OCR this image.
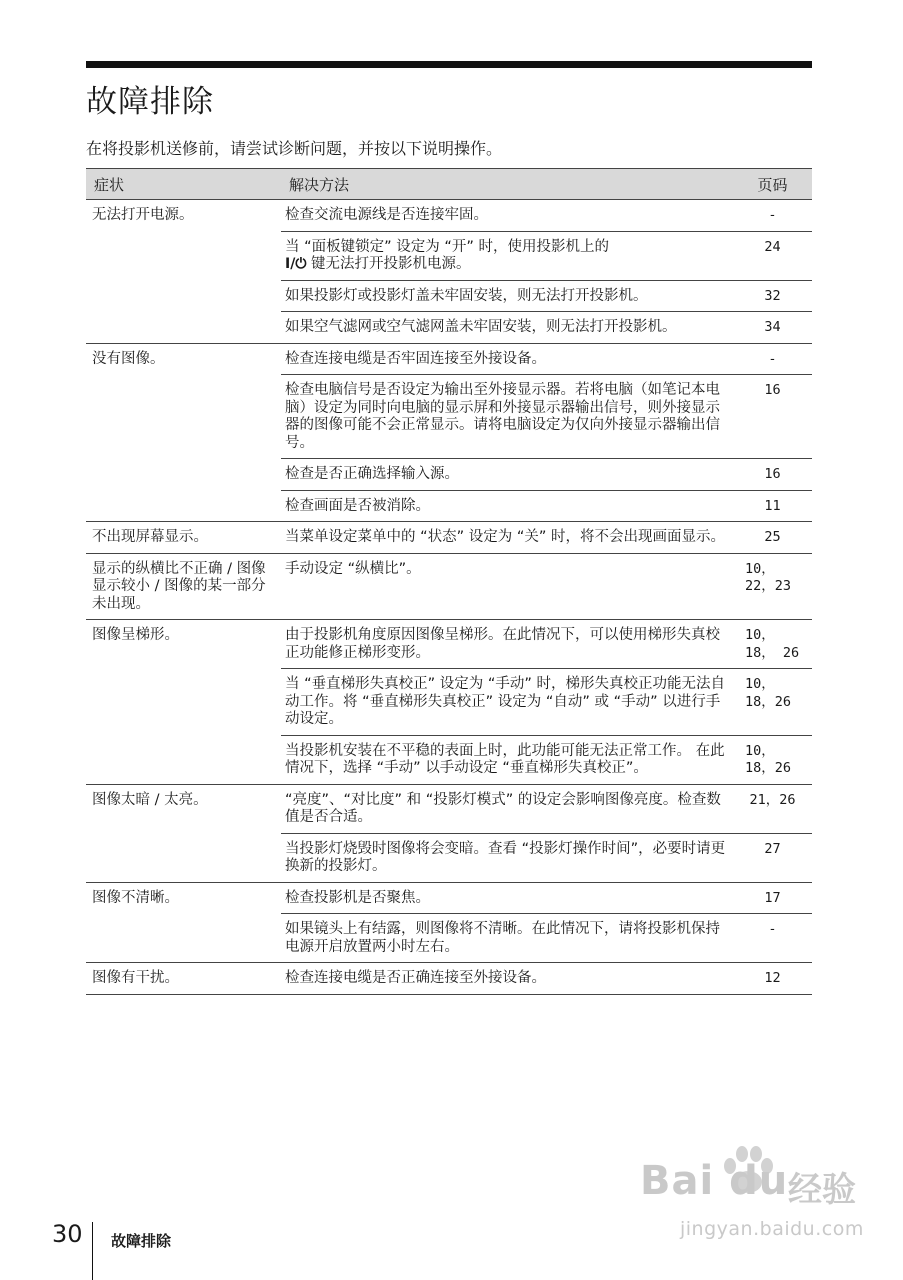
故障排除
在将投影机送修前，请尝试诊断问题，并按以下说明操作。
症状	解决方法	页码
无法打开电源。	检查交流电源线是否连接牢固。	-
	当 “面板键锁定” 设定为 “开” 时，使用投影机上的
I/⏻ 键无法打开投影机电源。	24
	如果投影灯或投影灯盖未牢固安装，则无法打开投影机。	32
	如果空气滤网或空气滤网盖未牢固安装，则无法打开投影机。	34
没有图像。	检查连接电缆是否牢固连接至外接设备。	-
	检查电脑信号是否设定为输出至外接显示器。若将电脑（如笔记本电脑）设定为同时向电脑的显示屏和外接显示器输出信号，则外接显示器的图像可能不会正常显示。请将电脑设定为仅向外接显示器输出信号。	16
	检查是否正确选择输入源。	16
	检查画面是否被消除。	11
不出现屏幕显示。	当菜单设定菜单中的 “状态” 设定为 “关” 时，将不会出现画面显示。	25
显示的纵横比不正确 / 图像显示较小 / 图像的某一部分未出现。	手动设定 “纵横比”。	10，
22，23
图像呈梯形。	由于投影机角度原因图像呈梯形。在此情况下，可以使用梯形失真校正功能修正梯形变形。	10，
18， 26
	当 “垂直梯形失真校正” 设定为 “手动” 时，梯形失真校正功能无法自动工作。将 “垂直梯形失真校正” 设定为 “自动” 或 “手动” 以进行手动设定。	10，
18，26
	当投影机安装在不平稳的表面上时，此功能可能无法正常工作。 在此情况下，选择 “手动” 以手动设定 “垂直梯形失真校正”。	10，
18，26
图像太暗 / 太亮。	“亮度”、“对比度” 和 “投影灯模式” 的设定会影响图像亮度。检查数值是否合适。	21，26
	当投影灯烧毁时图像将会变暗。查看 “投影灯操作时间”，必要时请更换新的投影灯。	27
图像不清晰。	检查投影机是否聚焦。	17
	如果镜头上有结露，则图像将不清晰。在此情况下，请将投影机保持电源开启放置两小时左右。	-
图像有干扰。	检查连接电缆是否正确连接至外接设备。	12
Bai du 经验
jingyan.baidu.com
30 故障排除
